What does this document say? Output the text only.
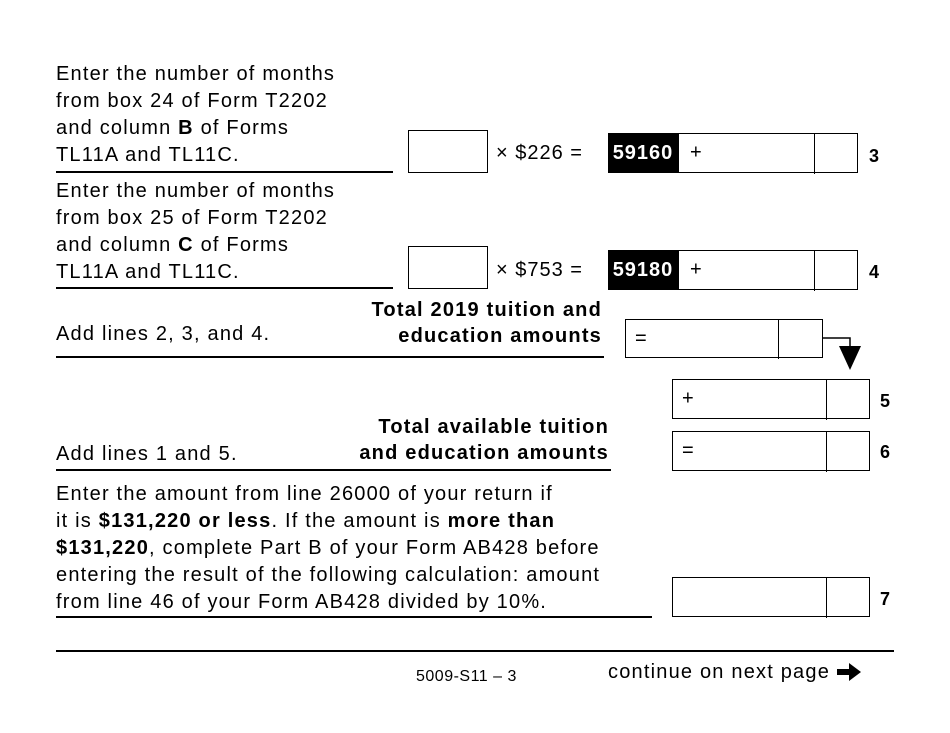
Enter the number of months
from box 24 of Form T2202
and column B of Forms
TL11A and TL11C.	× $226 = 59160 +	3
Enter the number of months
from box 25 of Form T2202
and column C of Forms
TL11A and TL11C.	× $753 = 59180 +	4
Add lines 2, 3, and 4.
Total 2019 tuition and
education amounts =
+	5
Add lines 1 and 5.
Total available tuition
and education amounts	=	6
Enter the amount from line 26000 of your return if
it is $131,220 or less. If the amount is more than
$131,220, complete Part B of your Form AB428 before
entering the result of the following calculation: amount
from line 46 of your Form AB428 divided by 10%.	7
5009-S11 – 3	continue on next page
